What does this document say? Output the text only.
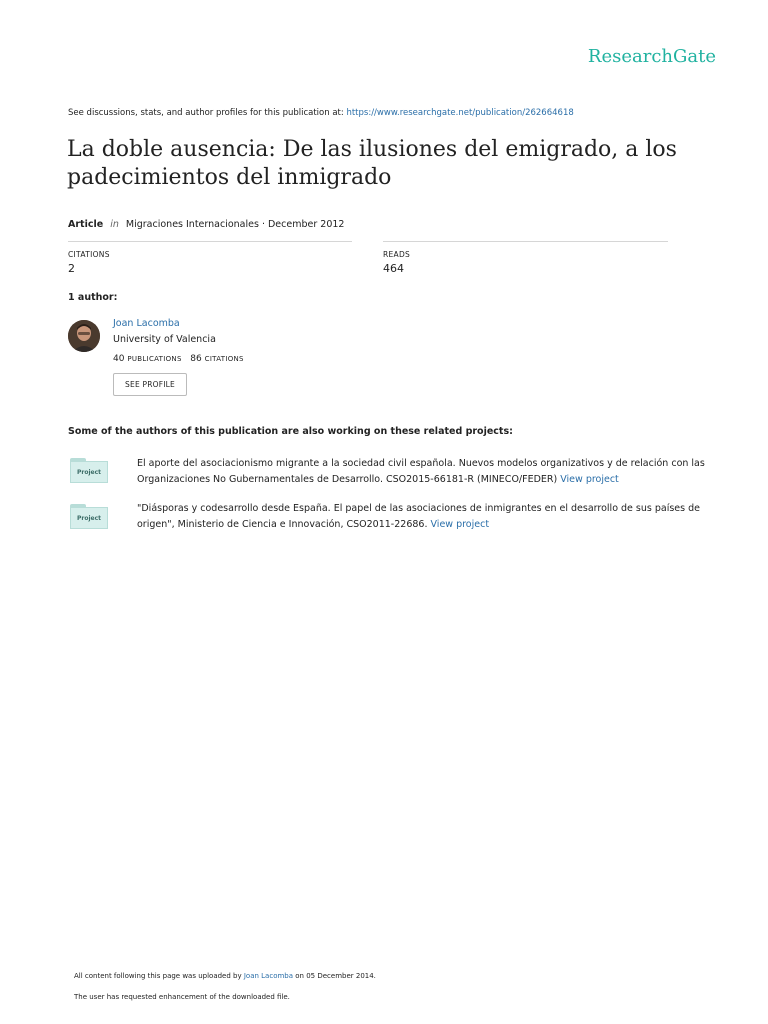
ResearchGate
See discussions, stats, and author profiles for this publication at: https://www.researchgate.net/publication/262664618
La doble ausencia: De las ilusiones del emigrado, a los padecimientos del inmigrado
Article in Migraciones Internacionales · December 2012
CITATIONS
2
READS
464
1 author:
Joan Lacomba
University of Valencia
40 PUBLICATIONS 86 CITATIONS
SEE PROFILE
Some of the authors of this publication are also working on these related projects:
Project
El aporte del asociacionismo migrante a la sociedad civil española. Nuevos modelos organizativos y de relación con las Organizaciones No Gubernamentales de Desarrollo. CSO2015-66181-R (MINECO/FEDER) View project
Project
"Diásporas y codesarrollo desde España. El papel de las asociaciones de inmigrantes en el desarrollo de sus países de origen", Ministerio de Ciencia e Innovación, CSO2011-22686. View project
All content following this page was uploaded by Joan Lacomba on 05 December 2014.
The user has requested enhancement of the downloaded file.
